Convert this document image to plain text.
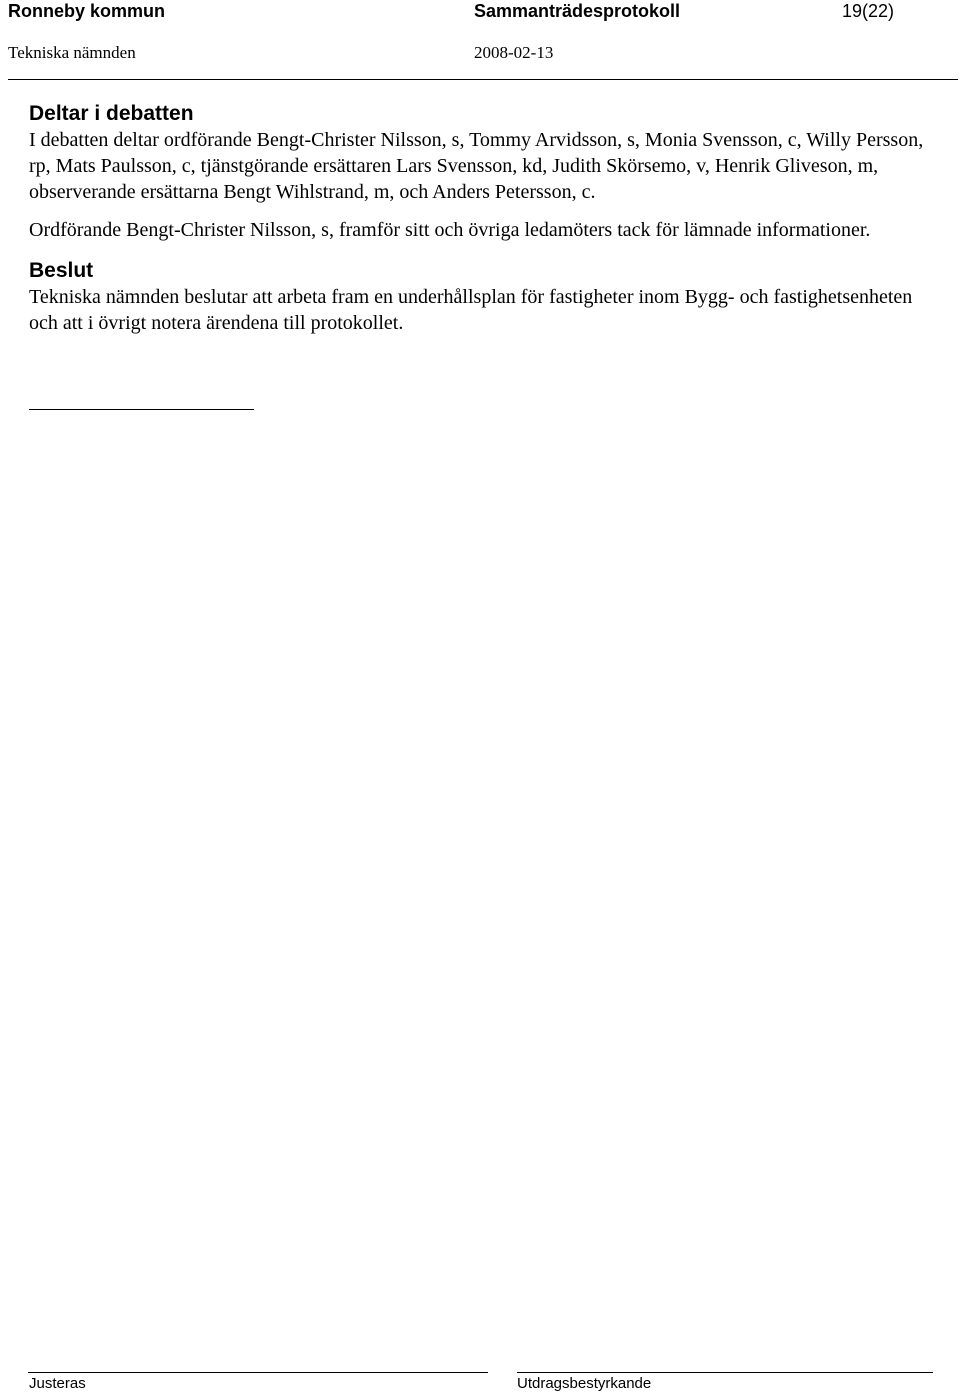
Ronneby kommun	Sammanträdesprotokoll	19(22)
Tekniska nämnden	2008-02-13
Deltar i debatten

I debatten deltar ordförande Bengt-Christer Nilsson, s, Tommy Arvidsson, s, Monia Svensson, c, Willy Persson, rp, Mats Paulsson, c, tjänstgörande ersättaren Lars Svensson, kd, Judith Skörsemo, v, Henrik Gliveson, m, observerande ersättarna Bengt Wihlstrand, m, och Anders Petersson, c.

Ordförande Bengt-Christer Nilsson, s, framför sitt och övriga ledamöters tack för lämnade informationer.

Beslut

Tekniska nämnden beslutar att arbeta fram en underhållsplan för fastigheter inom Bygg- och fastighetsenheten och att i övrigt notera ärendena till protokollet.

Justeras	Utdragsbestyrkande
